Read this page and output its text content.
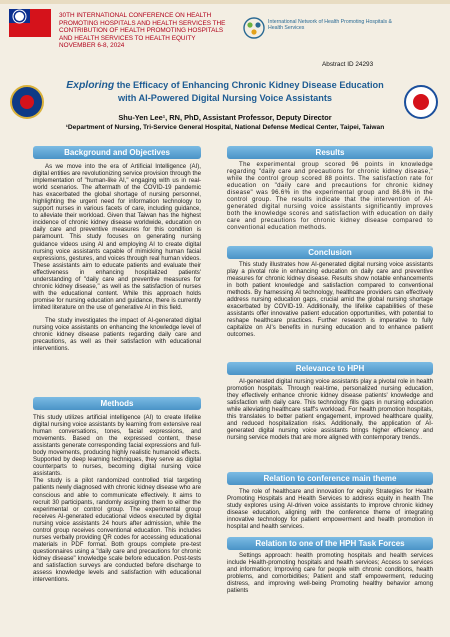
30TH INTERNATIONAL CONFERENCE ON HEALTH PROMOTING HOSPITALS AND HEALTH SERVICES THE CONTRIBUTION OF HEALTH PROMOTING HOSPITALS AND HEALTH SERVICES TO HEALTH EQUITY NOVEMBER 6-8, 2024
International Network of Health Promoting Hospitals & Health Services
Abstract ID 24293
Exploring the Efficacy of Enhancing Chronic Kidney Disease Education
with AI-Powered Digital Nursing Voice Assistants
Shu-Yen Lee¹, RN, PhD, Assistant Professor, Deputy Director
¹Department of Nursing, Tri-Service General Hospital, National Defense Medical Center, Taipei, Taiwan
Background and Objectives

As we move into the era of Artificial Intelligence (AI), digital entities are revolutionizing service provision through the implementation of "human-like AI," engaging with us in real-world scenarios. The aftermath of the COVID-19 pandemic has exacerbated the global shortage of nursing personnel, highlighting the urgent need for information technology to support nurses in various facets of care, including guidance, to alleviate their workload. Given that Taiwan has the highest incidence of chronic kidney disease worldwide, education on daily care and preventive measures for this condition is paramount. This study focuses on generating nursing guidance videos using AI and employing AI to create digital nursing voice assistants capable of mimicking human facial expressions, gestures, and voices through real human videos. These assistants aim to educate patients and evaluate their effectiveness in enhancing hospitalized patients' understanding of "daily care and preventive measures for chronic kidney disease," as well as the satisfaction of nurses with the educational content. While this approach holds promise for nursing education and guidance, there is currently limited literature on the use of generative AI in this field.

The study investigates the impact of AI-generated digital nursing voice assistants on enhancing the knowledge level of chronic kidney disease patients regarding daily care and precautions, as well as their satisfaction with educational interventions.

Methods

This study utilizes artificial intelligence (AI) to create lifelike digital nursing voice assistants by learning from extensive real human conversations, tones, facial expressions, and movements. Based on the expressed content, these assistants generate corresponding facial expressions and full-body movements, producing highly realistic humanoid effects. Supported by deep learning techniques, they serve as digital counterparts to nurses, becoming digital nursing voice assistants.

The study is a pilot randomized controlled trial targeting patients newly diagnosed with chronic kidney disease who are conscious and able to communicate effectively. It aims to recruit 30 participants, randomly assigning them to either the experimental or control group. The experimental group receives AI-generated educational videos executed by digital nursing voice assistants 24 hours after admission, while the control group receives conventional education. This includes nurses verbally providing QR codes for accessing educational materials in PDF format. Both groups complete pre-test questionnaires using a "daily care and precautions for chronic kidney disease" knowledge scale before education. Post-tests and satisfaction surveys are conducted before discharge to assess knowledge levels and satisfaction with educational interventions.

Results

The experimental group scored 96 points in knowledge regarding "daily care and precautions for chronic kidney disease," while the control group scored 88 points. The satisfaction rate for education on "daily care and precautions for chronic kidney disease" was 96.6% in the experimental group and 86.8% in the control group. The results indicate that the intervention of AI-generated digital nursing voice assistants significantly improves both the knowledge scores and satisfaction with education on daily care and precautions for chronic kidney disease compared to conventional education methods.

Conclusion

This study illustrates how AI-generated digital nursing voice assistants play a pivotal role in enhancing education on daily care and preventive measures for chronic kidney disease. Results show notable enhancements in both patient knowledge and satisfaction compared to conventional methods. By harnessing AI technology, healthcare providers can effectively address nursing education gaps, crucial amid the global nursing shortage exacerbated by COVID-19. Additionally, the lifelike capabilities of these assistants offer innovative patient education opportunities, with potential to reshape healthcare practices. Further research is imperative to fully capitalize on AI's benefits in nursing education and to enhance patient outcomes.

Relevance to HPH

AI-generated digital nursing voice assistants play a pivotal role in health promotion hospitals. Through real-time, personalized nursing education, they effectively enhance chronic kidney disease patients' knowledge and satisfaction with daily care. This technology fills gaps in nursing education while alleviating healthcare staff's workload. For health promotion hospitals, this translates to better patient engagement, improved healthcare quality, and reduced hospitalization risks. Additionally, the application of AI-generated digital nursing voice assistants brings higher efficiency and nursing service models that are more aligned with contemporary trends..

Relation to conference main theme

The role of healthcare and innovation for equity Strategies for Health Promoting Hospitals and Health Services to address equity in health The study explores using AI-driven voice assistants to improve chronic kidney disease education, aligning with the conference theme of integrating innovative technology for patient empowerment and health promotion in hospital and health services.

Relation to one of the HPH Task Forces

Settings approach: health promoting hospitals and health services include Health-promoting hospitals and health services; Access to services and information; Improving care for people with chronic conditions, health problems, and comorbidities; Patient and staff empowerment, reducing distress, and improving well-being Promoting healthy behavior among patients
